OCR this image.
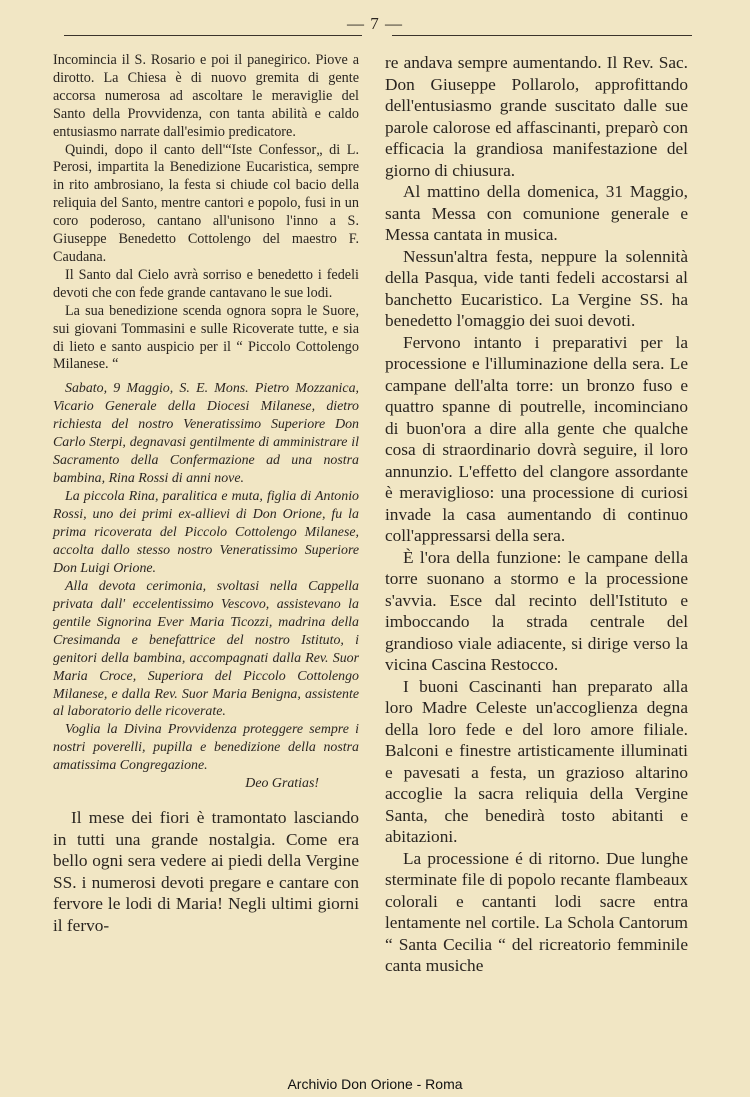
— 7 —

Incomincia il S. Rosario e poi il panegirico. Piove a dirotto. La Chiesa è di nuovo gremita di gente accorsa numerosa ad ascoltare le meraviglie del Santo della Provvidenza, con tanta abilità e caldo entusiasmo narrate dall'esimio predicatore.

Quindi, dopo il canto dell'“Iste Confessor„ di L. Perosi, impartita la Benedizione Eucaristica, sempre in rito ambrosiano, la festa si chiude col bacio della reliquia del Santo, mentre cantori e popolo, fusi in un coro poderoso, cantano all'unisono l'inno a S. Giuseppe Benedetto Cottolengo del maestro F. Caudana.

Il Santo dal Cielo avrà sorriso e benedetto i fedeli devoti che con fede grande cantavano le sue lodi.

La sua benedizione scenda ognora sopra le Suore, sui giovani Tommasini e sulle Ricoverate tutte, e sia di lieto e santo auspicio per il “ Piccolo Cottolengo Milanese. “

Sabato, 9 Maggio, S. E. Mons. Pietro Mozzanica, Vicario Generale della Diocesi Milanese, dietro richiesta del nostro Veneratissimo Superiore Don Carlo Sterpi, degnavasi gentilmente di amministrare il Sacramento della Confermazione ad una nostra bambina, Rina Rossi di anni nove.

La piccola Rina, paralitica e muta, figlia di Antonio Rossi, uno dei primi ex-allievi di Don Orione, fu la prima ricoverata del Piccolo Cottolengo Milanese, accolta dallo stesso nostro Veneratissimo Superiore Don Luigi Orione.

Alla devota cerimonia, svoltasi nella Cappella privata dall' eccelentissimo Vescovo, assistevano la gentile Signorina Ever Maria Ticozzi, madrina della Cresimanda e benefattrice del nostro Istituto, i genitori della bambina, accompagnati dalla Rev. Suor Maria Croce, Superiora del Piccolo Cottolengo Milanese, e dalla Rev. Suor Maria Benigna, assistente al laboratorio delle ricoverate.

Voglia la Divina Provvidenza proteggere sempre i nostri poverelli, pupilla e benedizione della nostra amatissima Congregazione.

Deo Gratias!

Il mese dei fiori è tramontato lasciando in tutti una grande nostalgia. Come era bello ogni sera vedere ai piedi della Vergine SS. i numerosi devoti pregare e cantare con fervore le lodi di Maria! Negli ultimi giorni il fervo-

re andava sempre aumentando. Il Rev. Sac. Don Giuseppe Pollarolo, approfittando dell'entusiasmo grande suscitato dalle sue parole calorose ed affascinanti, preparò con efficacia la grandiosa manifestazione del giorno di chiusura.

Al mattino della domenica, 31 Maggio, santa Messa con comunione generale e Messa cantata in musica.

Nessun'altra festa, neppure la solennità della Pasqua, vide tanti fedeli accostarsi al banchetto Eucaristico. La Vergine SS. ha benedetto l'omaggio dei suoi devoti.

Fervono intanto i preparativi per la processione e l'illuminazione della sera. Le campane dell'alta torre: un bronzo fuso e quattro spanne di poutrelle, incominciano di buon'ora a dire alla gente che qualche cosa di straordinario dovrà seguire, il loro annunzio. L'effetto del clangore assordante è meraviglioso: una processione di curiosi invade la casa aumentando di continuo coll'appressarsi della sera.

È l'ora della funzione: le campane della torre suonano a stormo e la processione s'avvia. Esce dal recinto dell'Istituto e imboccando la strada centrale del grandioso viale adiacente, si dirige verso la vicina Cascina Restocco.

I buoni Cascinanti han preparato alla loro Madre Celeste un'accoglienza degna della loro fede e del loro amore filiale. Balconi e finestre artisticamente illuminati e pavesati a festa, un grazioso altarino accoglie la sacra reliquia della Vergine Santa, che benedirà tosto abitanti e abitazioni.

La processione é di ritorno. Due lunghe sterminate file di popolo recante flambeaux colorali e cantanti lodi sacre entra lentamente nel cortile. La Schola Cantorum “ Santa Cecilia “ del ricreatorio femminile canta musiche

Archivio Don Orione - Roma
